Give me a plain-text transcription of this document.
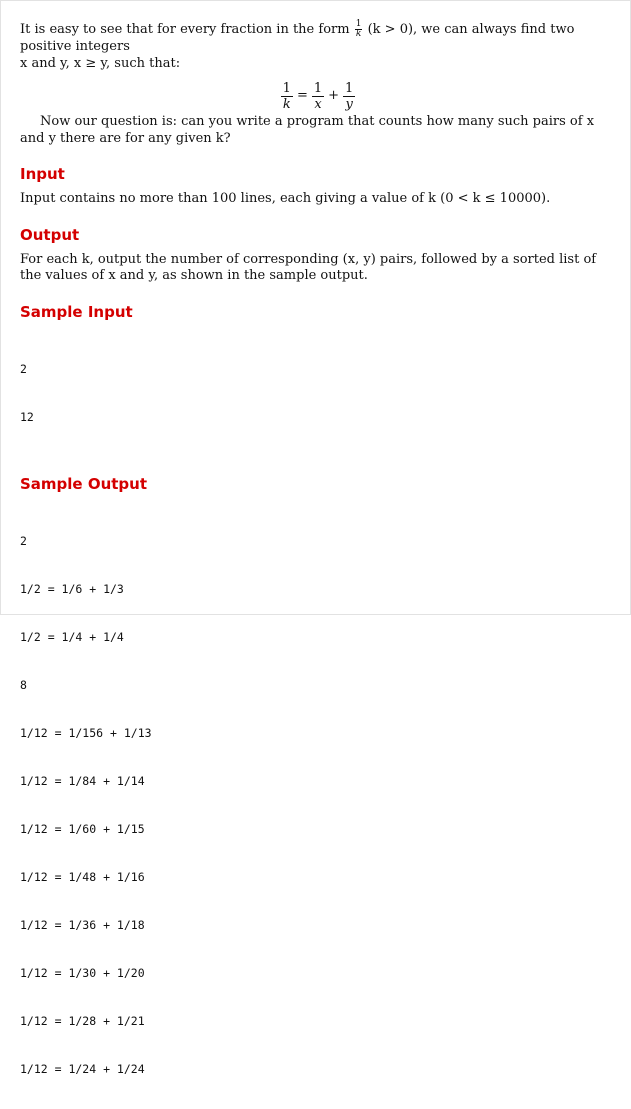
It is easy to see that for every fraction in the form $\frac{1}{k} (k > 0)$, we can always find two positive integers
x and y, x ≥ y, such that:

$\frac{1}{k} = \frac{1}{x} + \frac{1}{y}$

Now our question is: can you write a program that counts how many such pairs of x and y there are for any given k?

Input

Input contains no more than 100 lines, each giving a value of k (0 < k ≤ 10000).

Output

For each k, output the number of corresponding (x, y) pairs, followed by a sorted list of the values of x and y, as shown in the sample output.

Sample Input

2

12

Sample Output

2

1/2 = 1/6 + 1/3

1/2 = 1/4 + 1/4

8

1/12 = 1/156 + 1/13

1/12 = 1/84 + 1/14

1/12 = 1/60 + 1/15

1/12 = 1/48 + 1/16

1/12 = 1/36 + 1/18

1/12 = 1/30 + 1/20

1/12 = 1/28 + 1/21

1/12 = 1/24 + 1/24
